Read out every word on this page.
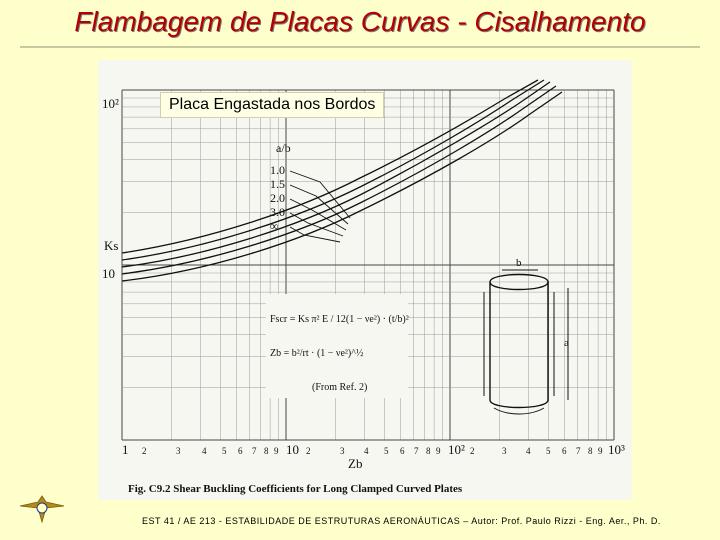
Flambagem de Placas Curvas - Cisalhamento
a/b
1.0
1.5
2.0
3.0
∞
10²
10
Ks
1	10	10²	10³
Zb
2	3 4 5 6 7 8 9	2	3 4 5 6 7 8 9	2	3 4 5 6 7 8 9
Fscr = Ks π² E / 12(1 − νe²) · (t/b)²
Zb = b²/rt · (1 − νe²)^½
(From Ref. 2)
b
a
Fig. C9.2 Shear Buckling Coefficients for Long Clamped Curved Plates
Placa Engastada nos Bordos
EST 41 / AE 213 - ESTABILIDADE DE ESTRUTURAS AERONÁUTICAS – Autor: Prof. Paulo Rizzi - Eng. Aer., Ph. D.
